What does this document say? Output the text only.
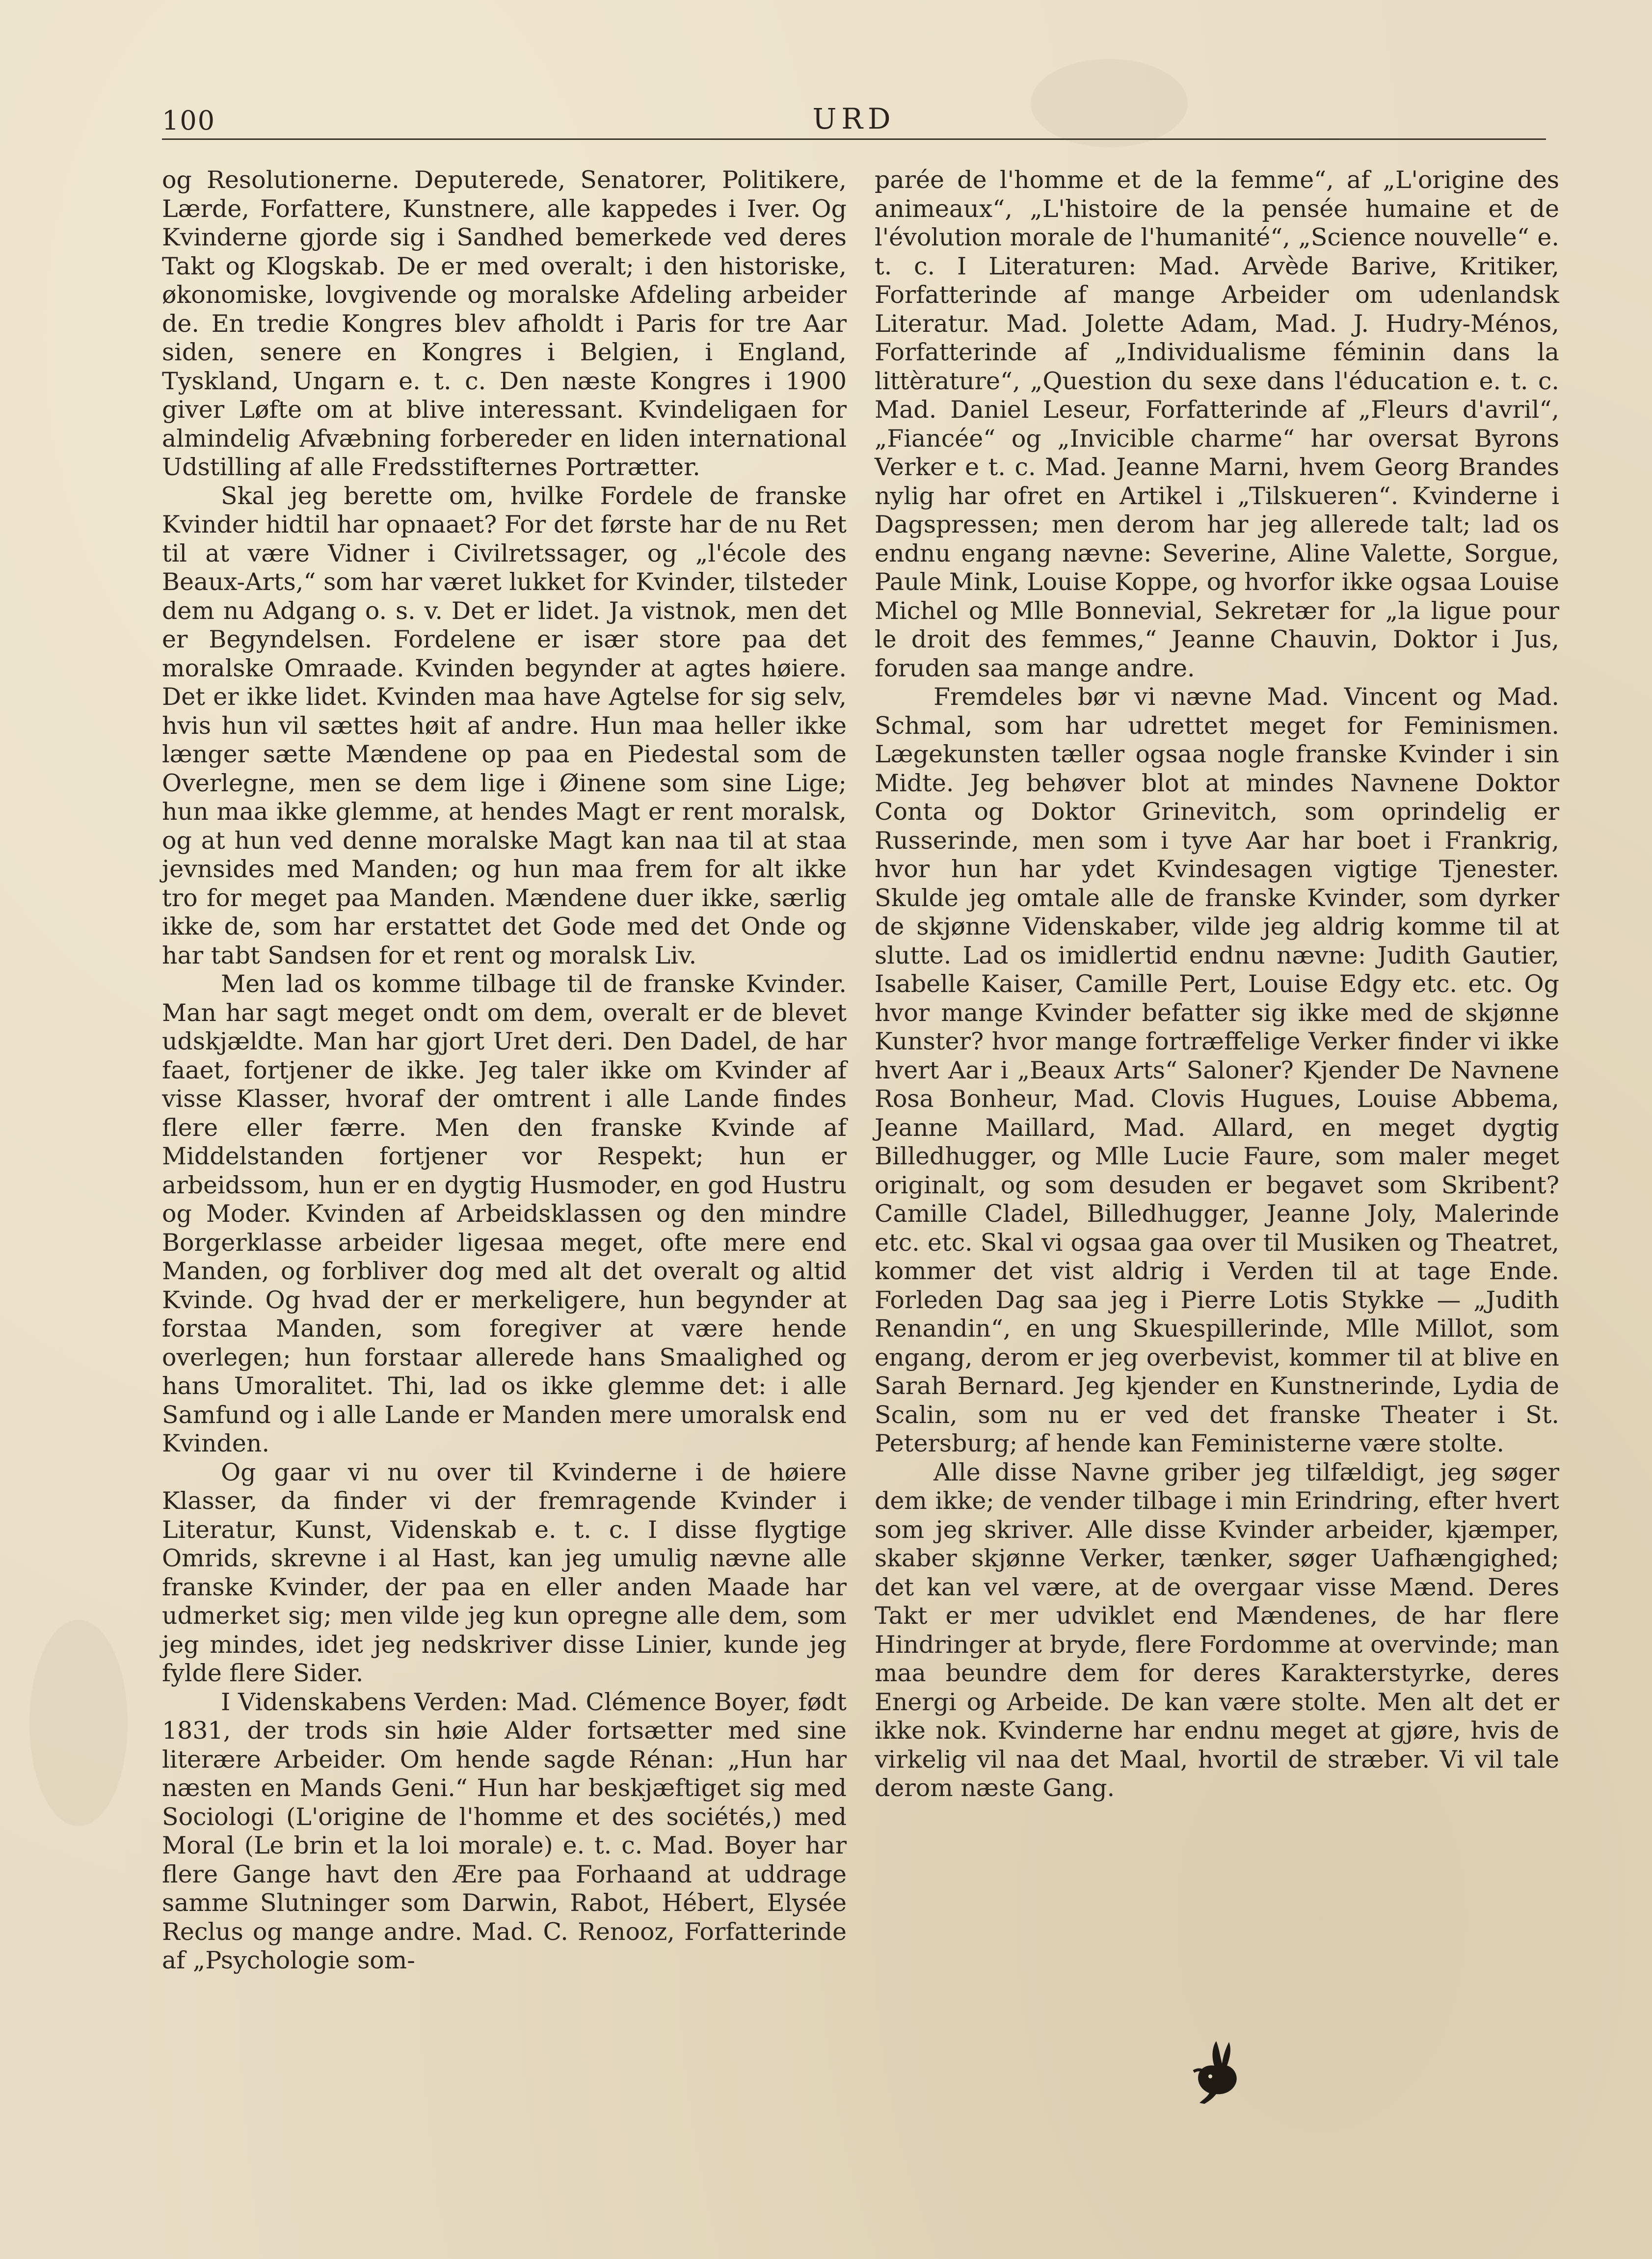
100	URD

og Resolutionerne. Deputerede, Senatorer, Politikere, Lærde, Forfattere, Kunstnere, alle kappedes i Iver. Og Kvinderne gjorde sig i Sandhed bemerkede ved deres Takt og Klogskab. De er med overalt; i den historiske, økonomiske, lovgivende og moralske Afdeling arbeider de. En tredie Kongres blev afholdt i Paris for tre Aar siden, senere en Kongres i Belgien, i England, Tyskland, Ungarn e. t. c. Den næste Kongres i 1900 giver Løfte om at blive interessant. Kvindeligaen for almindelig Afvæbning forbereder en liden international Udstilling af alle Fredsstifternes Portrætter.

Skal jeg berette om, hvilke Fordele de franske Kvinder hidtil har opnaaet? For det første har de nu Ret til at være Vidner i Civilretssager, og „l'école des Beaux-Arts,“ som har været lukket for Kvinder, tilsteder dem nu Adgang o. s. v. Det er lidet. Ja vistnok, men det er Begyndelsen. Fordelene er især store paa det moralske Omraade. Kvinden begynder at agtes høiere. Det er ikke lidet. Kvinden maa have Agtelse for sig selv, hvis hun vil sættes høit af andre. Hun maa heller ikke længer sætte Mændene op paa en Piedestal som de Overlegne, men se dem lige i Øinene som sine Lige; hun maa ikke glemme, at hendes Magt er rent moralsk, og at hun ved denne moralske Magt kan naa til at staa jevnsides med Manden; og hun maa frem for alt ikke tro for meget paa Manden. Mændene duer ikke, særlig ikke de, som har erstattet det Gode med det Onde og har tabt Sandsen for et rent og moralsk Liv.

Men lad os komme tilbage til de franske Kvinder. Man har sagt meget ondt om dem, overalt er de blevet udskjældte. Man har gjort Uret deri. Den Dadel, de har faaet, fortjener de ikke. Jeg taler ikke om Kvinder af visse Klasser, hvoraf der omtrent i alle Lande findes flere eller færre. Men den franske Kvinde af Middelstanden fortjener vor Respekt; hun er arbeidssom, hun er en dygtig Husmoder, en god Hustru og Moder. Kvinden af Arbeidsklassen og den mindre Borgerklasse arbeider ligesaa meget, ofte mere end Manden, og forbliver dog med alt det overalt og altid Kvinde. Og hvad der er merkeligere, hun begynder at forstaa Manden, som foregiver at være hende overlegen; hun forstaar allerede hans Smaalighed og hans Umoralitet. Thi, lad os ikke glemme det: i alle Samfund og i alle Lande er Manden mere umoralsk end Kvinden.

Og gaar vi nu over til Kvinderne i de høiere Klasser, da finder vi der fremragende Kvinder i Literatur, Kunst, Videnskab e. t. c. I disse flygtige Omrids, skrevne i al Hast, kan jeg umulig nævne alle franske Kvinder, der paa en eller anden Maade har udmerket sig; men vilde jeg kun opregne alle dem, som jeg mindes, idet jeg nedskriver disse Linier, kunde jeg fylde flere Sider.

I Videnskabens Verden: Mad. Clémence Boyer, født 1831, der trods sin høie Alder fortsætter med sine literære Arbeider. Om hende sagde Rénan: „Hun har næsten en Mands Geni.“ Hun har beskjæftiget sig med Sociologi (L'origine de l'homme et des sociétés,) med Moral (Le brin et la loi morale) e. t. c. Mad. Boyer har flere Gange havt den Ære paa Forhaand at uddrage samme Slutninger som Darwin, Rabot, Hébert, Elysée Reclus og mange andre. Mad. C. Renooz, Forfatterinde af „Psychologie som-

parée de l'homme et de la femme“, af „L'origine des animeaux“, „L'histoire de la pensée humaine et de l'évolution morale de l'humanité“, „Science nouvelle“ e. t. c. I Literaturen: Mad. Arvède Barive, Kritiker, Forfatterinde af mange Arbeider om udenlandsk Literatur. Mad. Jolette Adam, Mad. J. Hudry-Ménos, Forfatterinde af „Individualisme féminin dans la littèrature“, „Question du sexe dans l'éducation e. t. c. Mad. Daniel Leseur, Forfatterinde af „Fleurs d'avril“, „Fiancée“ og „Invicible charme“ har oversat Byrons Verker e t. c. Mad. Jeanne Marni, hvem Georg Brandes nylig har ofret en Artikel i „Tilskueren“. Kvinderne i Dagspressen; men derom har jeg allerede talt; lad os endnu engang nævne: Severine, Aline Valette, Sorgue, Paule Mink, Louise Koppe, og hvorfor ikke ogsaa Louise Michel og Mlle Bonnevial, Sekretær for „la ligue pour le droit des femmes,“ Jeanne Chauvin, Doktor i Jus, foruden saa mange andre.

Fremdeles bør vi nævne Mad. Vincent og Mad. Schmal, som har udrettet meget for Feminismen. Lægekunsten tæller ogsaa nogle franske Kvinder i sin Midte. Jeg behøver blot at mindes Navnene Doktor Conta og Doktor Grinevitch, som oprindelig er Russerinde, men som i tyve Aar har boet i Frankrig, hvor hun har ydet Kvindesagen vigtige Tjenester. Skulde jeg omtale alle de franske Kvinder, som dyrker de skjønne Videnskaber, vilde jeg aldrig komme til at slutte. Lad os imidlertid endnu nævne: Judith Gautier, Isabelle Kaiser, Camille Pert, Louise Edgy etc. etc. Og hvor mange Kvinder befatter sig ikke med de skjønne Kunster? hvor mange fortræffelige Verker finder vi ikke hvert Aar i „Beaux Arts“ Saloner? Kjender De Navnene Rosa Bonheur, Mad. Clovis Hugues, Louise Abbema, Jeanne Maillard, Mad. Allard, en meget dygtig Billedhugger, og Mlle Lucie Faure, som maler meget originalt, og som desuden er begavet som Skribent? Camille Cladel, Billedhugger, Jeanne Joly, Malerinde etc. etc. Skal vi ogsaa gaa over til Musiken og Theatret, kommer det vist aldrig i Verden til at tage Ende. Forleden Dag saa jeg i Pierre Lotis Stykke — „Judith Renandin“, en ung Skuespillerinde, Mlle Millot, som engang, derom er jeg overbevist, kommer til at blive en Sarah Bernard. Jeg kjender en Kunstnerinde, Lydia de Scalin, som nu er ved det franske Theater i St. Petersburg; af hende kan Feministerne være stolte.

Alle disse Navne griber jeg tilfældigt, jeg søger dem ikke; de vender tilbage i min Erindring, efter hvert som jeg skriver. Alle disse Kvinder arbeider, kjæmper, skaber skjønne Verker, tænker, søger Uafhængighed; det kan vel være, at de overgaar visse Mænd. Deres Takt er mer udviklet end Mændenes, de har flere Hindringer at bryde, flere Fordomme at overvinde; man maa beundre dem for deres Karakterstyrke, deres Energi og Arbeide. De kan være stolte. Men alt det er ikke nok. Kvinderne har endnu meget at gjøre, hvis de virkelig vil naa det Maal, hvortil de stræber. Vi vil tale derom næste Gang.
